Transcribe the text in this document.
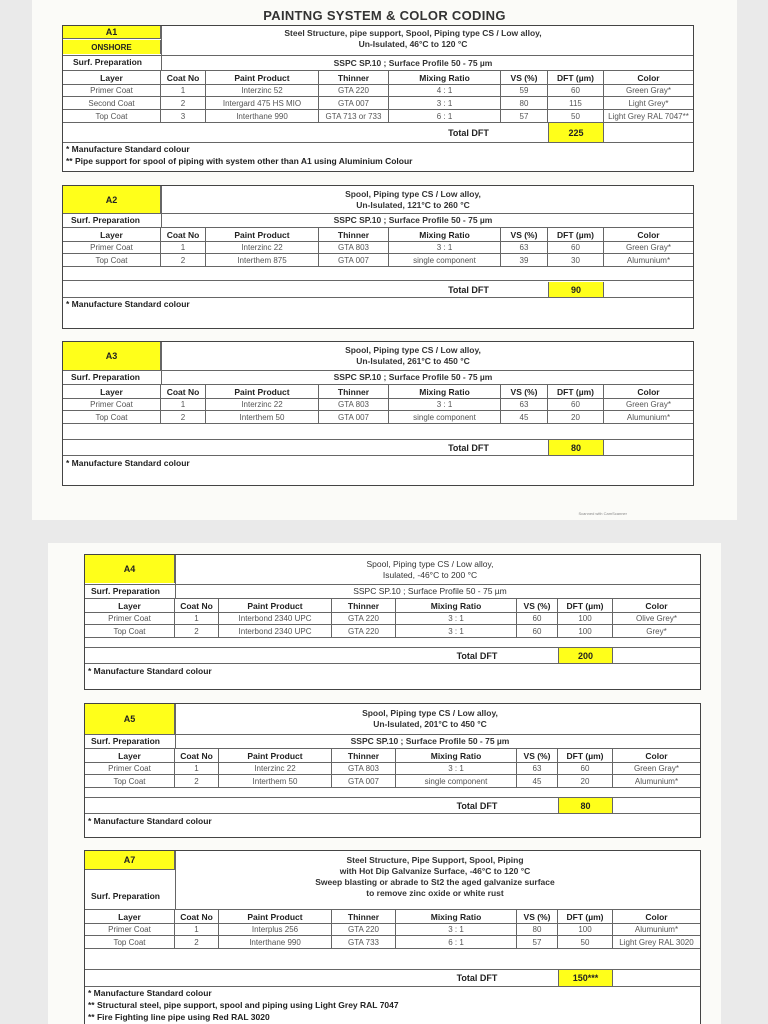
PAINTNG SYSTEM & COLOR CODING
A1
ONSHORE
Steel Structure, pipe support, Spool, Piping type CS / Low alloy,
Un-Isulated, 46°C to 120 °C
Surf. Preparation	SSPC SP.10 ; Surface Profile 50 - 75 µm
Layer	Coat No	Paint Product	Thinner	Mixing Ratio	VS (%)	DFT (µm)	Color
Primer Coat	1	Interzinc 52	GTA 220	4 : 1	59	60	Green Gray*
Second Coat	2	Intergard 475 HS MIO	GTA 007	3 : 1	80	115	Light Grey*
Top Coat	3	Interthane 990	GTA 713 or 733	6 : 1	57	50	Light Grey RAL 7047**
Total DFT	225
* Manufacture Standard colour
** Pipe support for spool of piping with system other than A1 using Aluminium Colour
A2
Spool, Piping type CS / Low alloy,
Un-Isulated, 121°C to 260 °C
Surf. Preparation	SSPC SP.10 ; Surface Profile 50 - 75 µm
Layer	Coat No	Paint Product	Thinner	Mixing Ratio	VS (%)	DFT (µm)	Color
Primer Coat	1	Interzinc 22	GTA 803	3 : 1	63	60	Green Gray*
Top Coat	2	Interthem 875	GTA 007	single component	39	30	Alumunium*
Total DFT	90
* Manufacture Standard colour
A3
Spool, Piping type CS / Low alloy,
Un-Isulated, 261°C to 450 °C
Surf. Preparation	SSPC SP.10 ; Surface Profile 50 - 75 µm
Layer	Coat No	Paint Product	Thinner	Mixing Ratio	VS (%)	DFT (µm)	Color
Primer Coat	1	Interzinc 22	GTA 803	3 : 1	63	60	Green Gray*
Top Coat	2	Interthem 50	GTA 007	single component	45	20	Alumunium*
Total DFT	80
* Manufacture Standard colour
Scanned with CamScanner
A4	Spool, Piping type CS / Low alloy,
Isulated, -46°C to 200 °C
Surf. Preparation	SSPC SP.10 ; Surface Profile 50 - 75 µm
Layer	Coat No	Paint Product	Thinner	Mixing Ratio	VS (%)	DFT (µm)	Color
Primer Coat	1	Interbond 2340 UPC	GTA 220	3 : 1	60	100	Olive Grey*
Top Coat	2	Interbond 2340 UPC	GTA 220	3 : 1	60	100	Grey*
Total DFT	200
* Manufacture Standard colour
A5
Spool, Piping type CS / Low alloy,
Un-Isulated, 201°C to 450 °C
Surf. Preparation	SSPC SP.10 ; Surface Profile 50 - 75 µm
Layer	Coat No	Paint Product	Thinner	Mixing Ratio	VS (%)	DFT (µm)	Color
Primer Coat	1	Interzinc 22	GTA 803	3 : 1	63	60	Green Gray*
Top Coat	2	Interthem 50	GTA 007	single component	45	20	Alumunium*
Total DFT	80
* Manufacture Standard colour
A7	Steel Structure, Pipe Support, Spool, Piping
with Hot Dip Galvanize Surface, -46°C to 120 °C
Sweep blasting or abrade to St2 the aged galvanize surface
to remove zinc oxide or white rust
Surf. Preparation
Layer	Coat No	Paint Product	Thinner	Mixing Ratio	VS (%)	DFT (µm)	Color
Primer Coat	1	Interplus 256	GTA 220	3 : 1	80	100	Alumunium*
Top Coat	2	Interthane 990	GTA 733	6 : 1	57	50	Light Grey RAL 3020
Total DFT	150***
* Manufacture Standard colour
** Structural steel, pipe support, spool and piping using Light Grey RAL 7047
** Fire Fighting line pipe using Red RAL 3020
